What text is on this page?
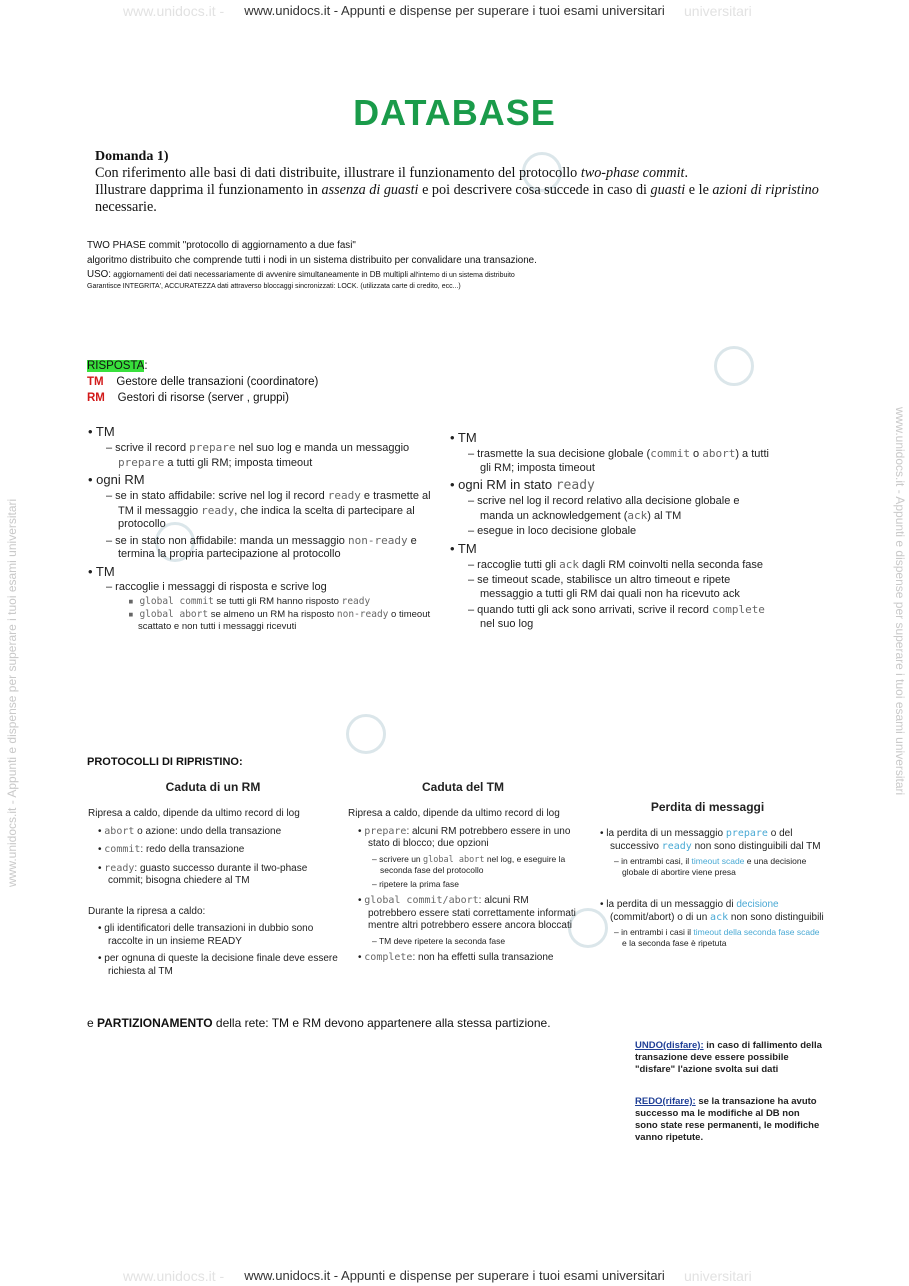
www.unidocs.it -	www.unidocs.it - Appunti e dispense per superare i tuoi esami universitari	universitari
www.unidocs.it - Appunti e dispense per superare i tuoi esami universitari	www.unidocs.it - Appunti e dispense per superare i tuoi esami universitari
DATABASE
Domanda 1)
Con riferimento alle basi di dati distribuite, illustrare il funzionamento del protocollo two-phase commit.
Illustrare dapprima il funzionamento in assenza di guasti e poi descrivere cosa succede in caso di guasti e le azioni di ripristino necessarie.
TWO PHASE commit "protocollo di aggiornamento a due fasi"
algoritmo distribuito che comprende tutti i nodi in un sistema distribuito per convalidare una transazione.
USO: aggiornamenti dei dati necessariamente di avvenire simultaneamente in DB multipli all'interno di un sistema distribuito
Garantisce INTEGRITA', ACCURATEZZA dati attraverso bloccaggi sincronizzati: LOCK. (utilizzata carte di credito, ecc...)
RISPOSTA:
TM Gestore delle transazioni (coordinatore)
RM Gestori di risorse (server , gruppi)
• TM
– scrive il record prepare nel suo log e manda un messaggio prepare a tutti gli RM; imposta timeout
• ogni RM
– se in stato affidabile: scrive nel log il record ready e trasmette al TM il messaggio ready, che indica la scelta di partecipare al protocollo
– se in stato non affidabile: manda un messaggio non-ready e termina la propria partecipazione al protocollo
• TM
– raccoglie i messaggi di risposta e scrive log
▪ global commit se tutti gli RM hanno risposto ready
▪ global abort se almeno un RM ha risposto non-ready o timeout scattato e non tutti i messaggi ricevuti
• TM
– trasmette la sua decisione globale (commit o abort) a tutti gli RM; imposta timeout
• ogni RM in stato ready
– scrive nel log il record relativo alla decisione globale e manda un acknowledgement (ack) al TM
– esegue in loco decisione globale
• TM
– raccoglie tutti gli ack dagli RM coinvolti nella seconda fase
– se timeout scade, stabilisce un altro timeout e ripete messaggio a tutti gli RM dai quali non ha ricevuto ack
– quando tutti gli ack sono arrivati, scrive il record complete nel suo log
PROTOCOLLI DI RIPRISTINO:
Caduta di un RM
Ripresa a caldo, dipende da ultimo record di log
• abort o azione: undo della transazione
• commit: redo della transazione
• ready: guasto successo durante il two-phase commit; bisogna chiedere al TM
Durante la ripresa a caldo:
• gli identificatori delle transazioni in dubbio sono raccolte in un insieme READY
• per ognuna di queste la decisione finale deve essere richiesta al TM
Caduta del TM
Ripresa a caldo, dipende da ultimo record di log
• prepare: alcuni RM potrebbero essere in uno stato di blocco; due opzioni
– scrivere un global abort nel log, e eseguire la seconda fase del protocollo
– ripetere la prima fase
• global commit/abort: alcuni RM potrebbero essere stati correttamente informati mentre altri potrebbero essere ancora bloccati
– TM deve ripetere la seconda fase
• complete: non ha effetti sulla transazione
Perdita di messaggi
• la perdita di un messaggio prepare o del successivo ready non sono distinguibili dal TM
– in entrambi casi, il timeout scade e una decisione globale di abortire viene presa
• la perdita di un messaggio di decisione (commit/abort) o di un ack non sono distinguibili
– in entrambi i casi il timeout della seconda fase scade e la seconda fase è ripetuta
e PARTIZIONAMENTO della rete: TM e RM devono appartenere alla stessa partizione.
UNDO(disfare): in caso di fallimento della transazione deve essere possibile "disfare" l'azione svolta sui dati
REDO(rifare): se la transazione ha avuto successo ma le modifiche al DB non sono state rese permanenti, le modifiche vanno ripetute.
www.unidocs.it -	www.unidocs.it - Appunti e dispense per superare i tuoi esami universitari	universitari
